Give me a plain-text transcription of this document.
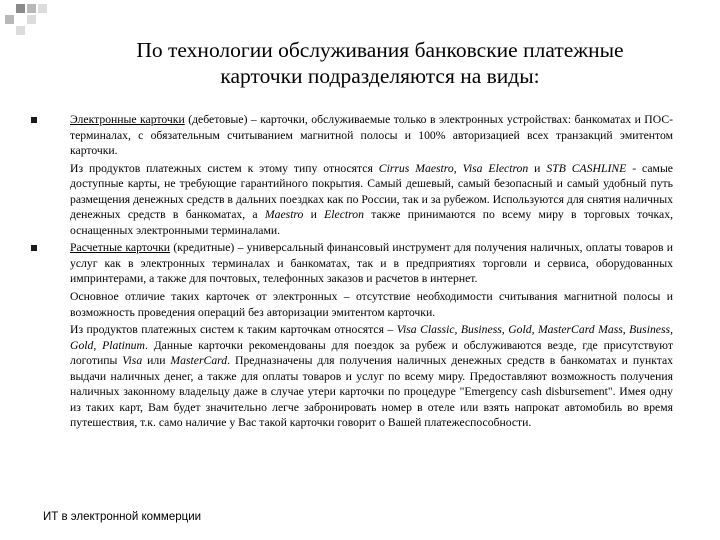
По технологии обслуживания банковские платежные
карточки подразделяются на виды:

Электронные карточки (дебетовые) – карточки, обслуживаемые только в электронных устройствах: банкоматах и ПОС-терминалах, с обязательным считыванием магнитной полосы и 100% авторизацией всех транзакций эмитентом карточки.

Из продуктов платежных систем к этому типу относятся Cirrus Maestro, Visa Electron и STB CASHLINE - самые доступные карты, не требующие гарантийного покрытия. Самый дешевый, самый безопасный и самый удобный путь размещения денежных средств в дальних поездках как по России, так и за рубежом. Используются для снятия наличных денежных средств в банкоматах, а Maestro и Electron также принимаются по всему миру в торговых точках, оснащенных электронными терминалами.

Расчетные карточки (кредитные) – универсальный финансовый инструмент для получения наличных, оплаты товаров и услуг как в электронных терминалах и банкоматах, так и в предприятиях торговли и сервиса, оборудованных импринтерами, а также для почтовых, телефонных заказов и расчетов в интернет.

Основное отличие таких карточек от электронных – отсутствие необходимости считывания магнитной полосы и возможность проведения операций без авторизации эмитентом карточки.

Из продуктов платежных систем к таким карточкам относятся – Visa Classic, Business, Gold, MasterCard Mass, Business, Gold, Platinum. Данные карточки рекомендованы для поездок за рубеж и обслуживаются везде, где присутствуют логотипы Visa или MasterCard. Предназначены для получения наличных денежных средств в банкоматах и пунктах выдачи наличных денег, а также для оплаты товаров и услуг по всему миру. Предоставляют возможность получения наличных законному владельцу даже в случае утери карточки по процедуре "Emergency cash disbursement". Имея одну из таких карт, Вам будет значительно легче забронировать номер в отеле или взять напрокат автомобиль во время путешествия, т.к. само наличие у Вас такой карточки говорит о Вашей платежеспособности.

ИТ в электронной коммерции
